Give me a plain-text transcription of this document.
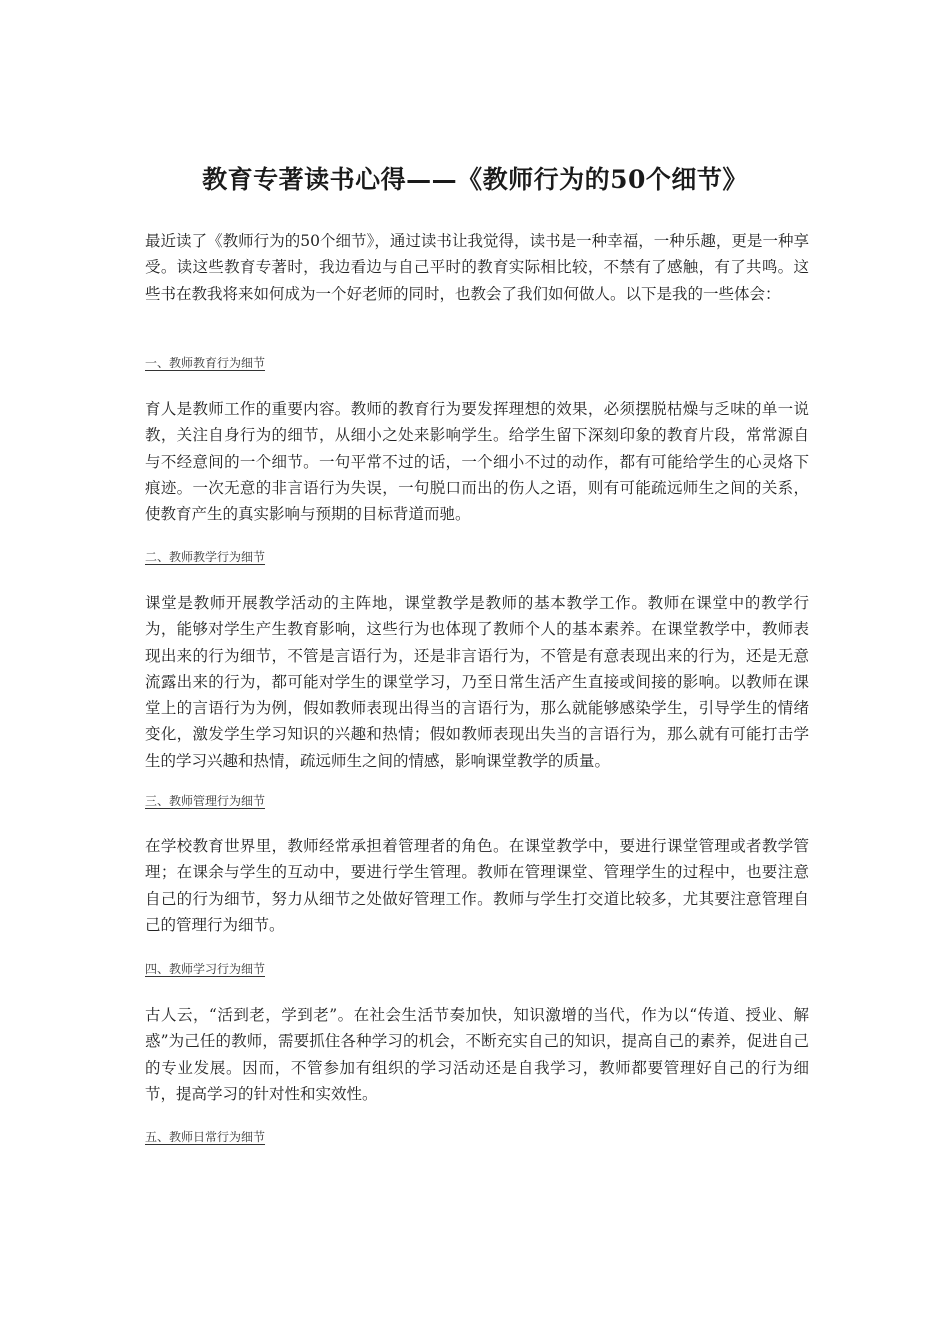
教育专著读书心得——《教师行为的50个细节》

最近读了《教师行为的50个细节》，通过读书让我觉得，读书是一种幸福，一种乐趣，更是一种享受。读这些教育专著时，我边看边与自己平时的教育实际相比较，不禁有了感触，有了共鸣。这些书在教我将来如何成为一个好老师的同时，也教会了我们如何做人。以下是我的一些体会：

一、教师教育行为细节

育人是教师工作的重要内容。教师的教育行为要发挥理想的效果，必须摆脱枯燥与乏味的单一说教，关注自身行为的细节，从细小之处来影响学生。给学生留下深刻印象的教育片段，常常源自与不经意间的一个细节。一句平常不过的话，一个细小不过的动作，都有可能给学生的心灵烙下痕迹。一次无意的非言语行为失误，一句脱口而出的伤人之语，则有可能疏远师生之间的关系，使教育产生的真实影响与预期的目标背道而驰。

二、教师教学行为细节

课堂是教师开展教学活动的主阵地，课堂教学是教师的基本教学工作。教师在课堂中的教学行为，能够对学生产生教育影响，这些行为也体现了教师个人的基本素养。在课堂教学中，教师表现出来的行为细节，不管是言语行为，还是非言语行为，不管是有意表现出来的行为，还是无意流露出来的行为，都可能对学生的课堂学习，乃至日常生活产生直接或间接的影响。以教师在课堂上的言语行为为例，假如教师表现出得当的言语行为，那么就能够感染学生，引导学生的情绪变化，激发学生学习知识的兴趣和热情；假如教师表现出失当的言语行为，那么就有可能打击学生的学习兴趣和热情，疏远师生之间的情感，影响课堂教学的质量。

三、教师管理行为细节

在学校教育世界里，教师经常承担着管理者的角色。在课堂教学中，要进行课堂管理或者教学管理；在课余与学生的互动中，要进行学生管理。教师在管理课堂、管理学生的过程中，也要注意自己的行为细节，努力从细节之处做好管理工作。教师与学生打交道比较多，尤其要注意管理自己的管理行为细节。

四、教师学习行为细节

古人云，“活到老，学到老”。在社会生活节奏加快，知识激增的当代，作为以“传道、授业、解惑”为己任的教师，需要抓住各种学习的机会，不断充实自己的知识，提高自己的素养，促进自己的专业发展。因而，不管参加有组织的学习活动还是自我学习，教师都要管理好自己的行为细节，提高学习的针对性和实效性。

五、教师日常行为细节
